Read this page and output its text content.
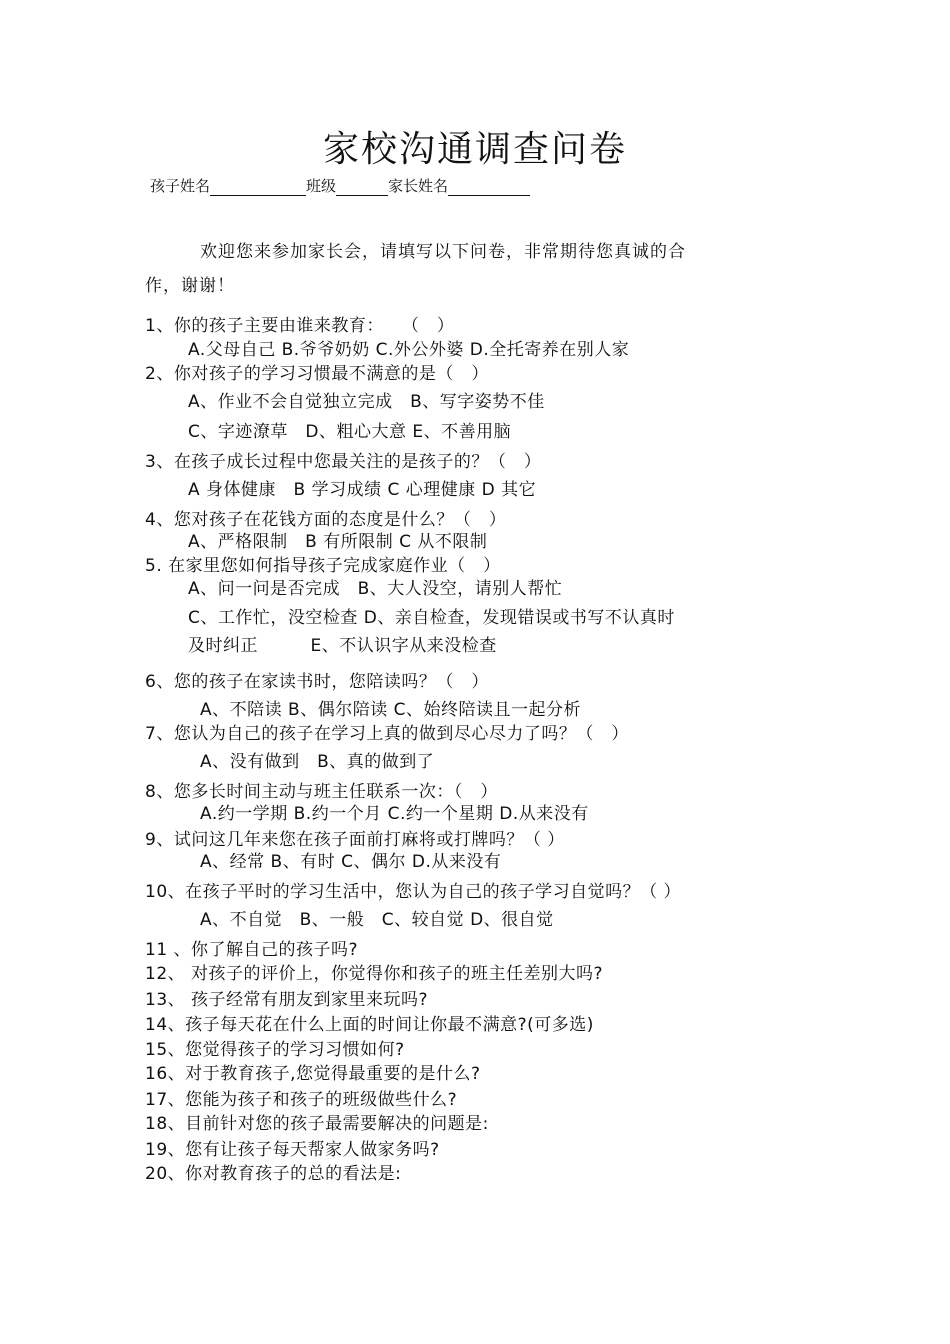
家校沟通调查问卷
孩子姓名	班级	家长姓名
欢迎您来参加家长会，请填写以下问卷，非常期待您真诚的合
作，谢谢！
1、你的孩子主要由谁来教育：　　（　）
A.父母自己 B.爷爷奶奶 C.外公外婆 D.全托寄养在别人家
2、你对孩子的学习习惯最不满意的是（　）
A、作业不会自觉独立完成　B、写字姿势不佳
C、字迹潦草　D、粗心大意 E、不善用脑
3、在孩子成长过程中您最关注的是孩子的？（　）
A 身体健康　B 学习成绩 C 心理健康 D 其它
4、您对孩子在花钱方面的态度是什么？（　）
A、严格限制　B 有所限制 C 从不限制
5. 在家里您如何指导孩子完成家庭作业（　）
A、问一问是否完成　B、大人没空，请别人帮忙
C、工作忙，没空检查 D、亲自检查，发现错误或书写不认真时
及时纠正　　　E、不认识字从来没检查
6、您的孩子在家读书时，您陪读吗？（　）
A、不陪读 B、偶尔陪读 C、始终陪读且一起分析
7、您认为自己的孩子在学习上真的做到尽心尽力了吗？（　）
A、没有做到　B、真的做到了
8、您多长时间主动与班主任联系一次：（　）
A.约一学期 B.约一个月 C.约一个星期 D.从来没有
9、试问这几年来您在孩子面前打麻将或打牌吗？（ ）
A、经常 B、有时 C、偶尔 D.从来没有
10、在孩子平时的学习生活中，您认为自己的孩子学习自觉吗？（ ）
A、不自觉　B、一般　C、较自觉 D、很自觉
11 、你了解自己的孩子吗?
12、 对孩子的评价上，你觉得你和孩子的班主任差别大吗?
13、 孩子经常有朋友到家里来玩吗?
14、孩子每天花在什么上面的时间让你最不满意?(可多选)
15、您觉得孩子的学习习惯如何?
16、对于教育孩子,您觉得最重要的是什么?
17、您能为孩子和孩子的班级做些什么?
18、目前针对您的孩子最需要解决的问题是:
19、您有让孩子每天帮家人做家务吗?
20、你对教育孩子的总的看法是:
